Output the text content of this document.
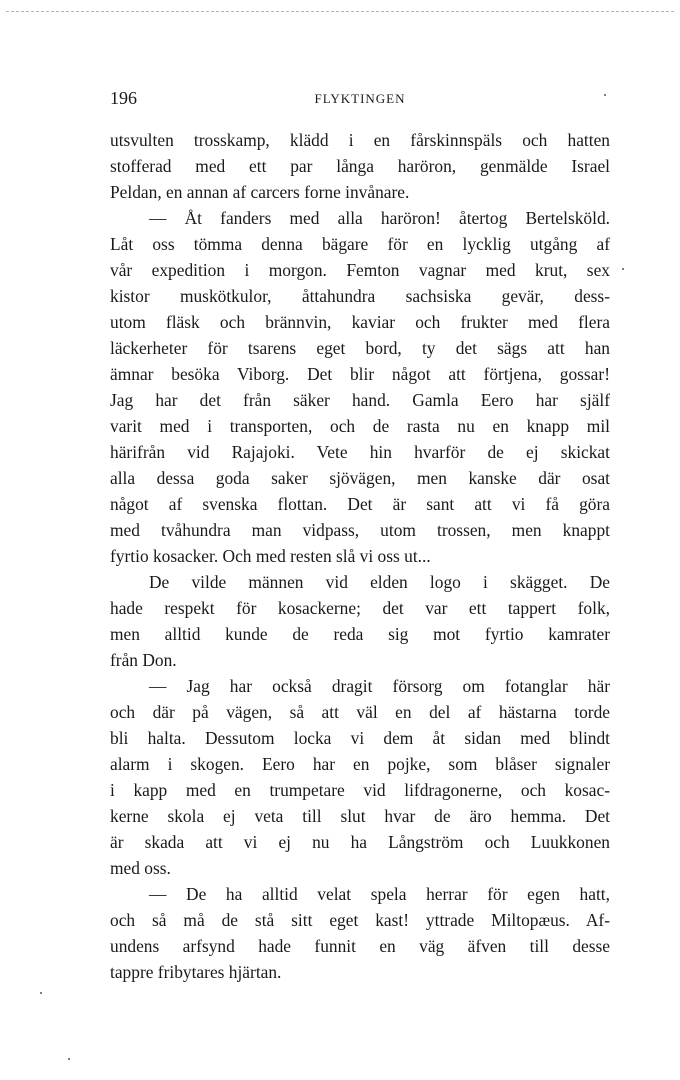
196	FLYKTINGEN
utsvulten trosskamp, klädd i en fårskinnspäls och hatten
stofferad med ett par långa haröron, genmälde Israel
Peldan, en annan af carcers forne invånare.
— Åt fanders med alla haröron! återtog Bertelsköld.
Låt oss tömma denna bägare för en lycklig utgång af
vår expedition i morgon. Femton vagnar med krut, sex
kistor muskötkulor, åttahundra sachsiska gevär, dess-
utom fläsk och brännvin, kaviar och frukter med flera
läckerheter för tsarens eget bord, ty det sägs att han
ämnar besöka Viborg. Det blir något att förtjena, gossar!
Jag har det från säker hand. Gamla Eero har själf
varit med i transporten, och de rasta nu en knapp mil
härifrån vid Rajajoki. Vete hin hvarför de ej skickat
alla dessa goda saker sjövägen, men kanske där osat
något af svenska flottan. Det är sant att vi få göra
med tvåhundra man vidpass, utom trossen, men knappt
fyrtio kosacker. Och med resten slå vi oss ut...
De vilde männen vid elden logo i skägget. De
hade respekt för kosackerne; det var ett tappert folk,
men alltid kunde de reda sig mot fyrtio kamrater
från Don.
— Jag har också dragit försorg om fotanglar här
och där på vägen, så att väl en del af hästarna torde
bli halta. Dessutom locka vi dem åt sidan med blindt
alarm i skogen. Eero har en pojke, som blåser signaler
i kapp med en trumpetare vid lifdragonerne, och kosac-
kerne skola ej veta till slut hvar de äro hemma. Det
är skada att vi ej nu ha Långström och Luukkonen
med oss.
— De ha alltid velat spela herrar för egen hatt,
och så må de stå sitt eget kast! yttrade Miltopæus. Af-
undens arfsynd hade funnit en väg äfven till desse
tappre fribytares hjärtan.
